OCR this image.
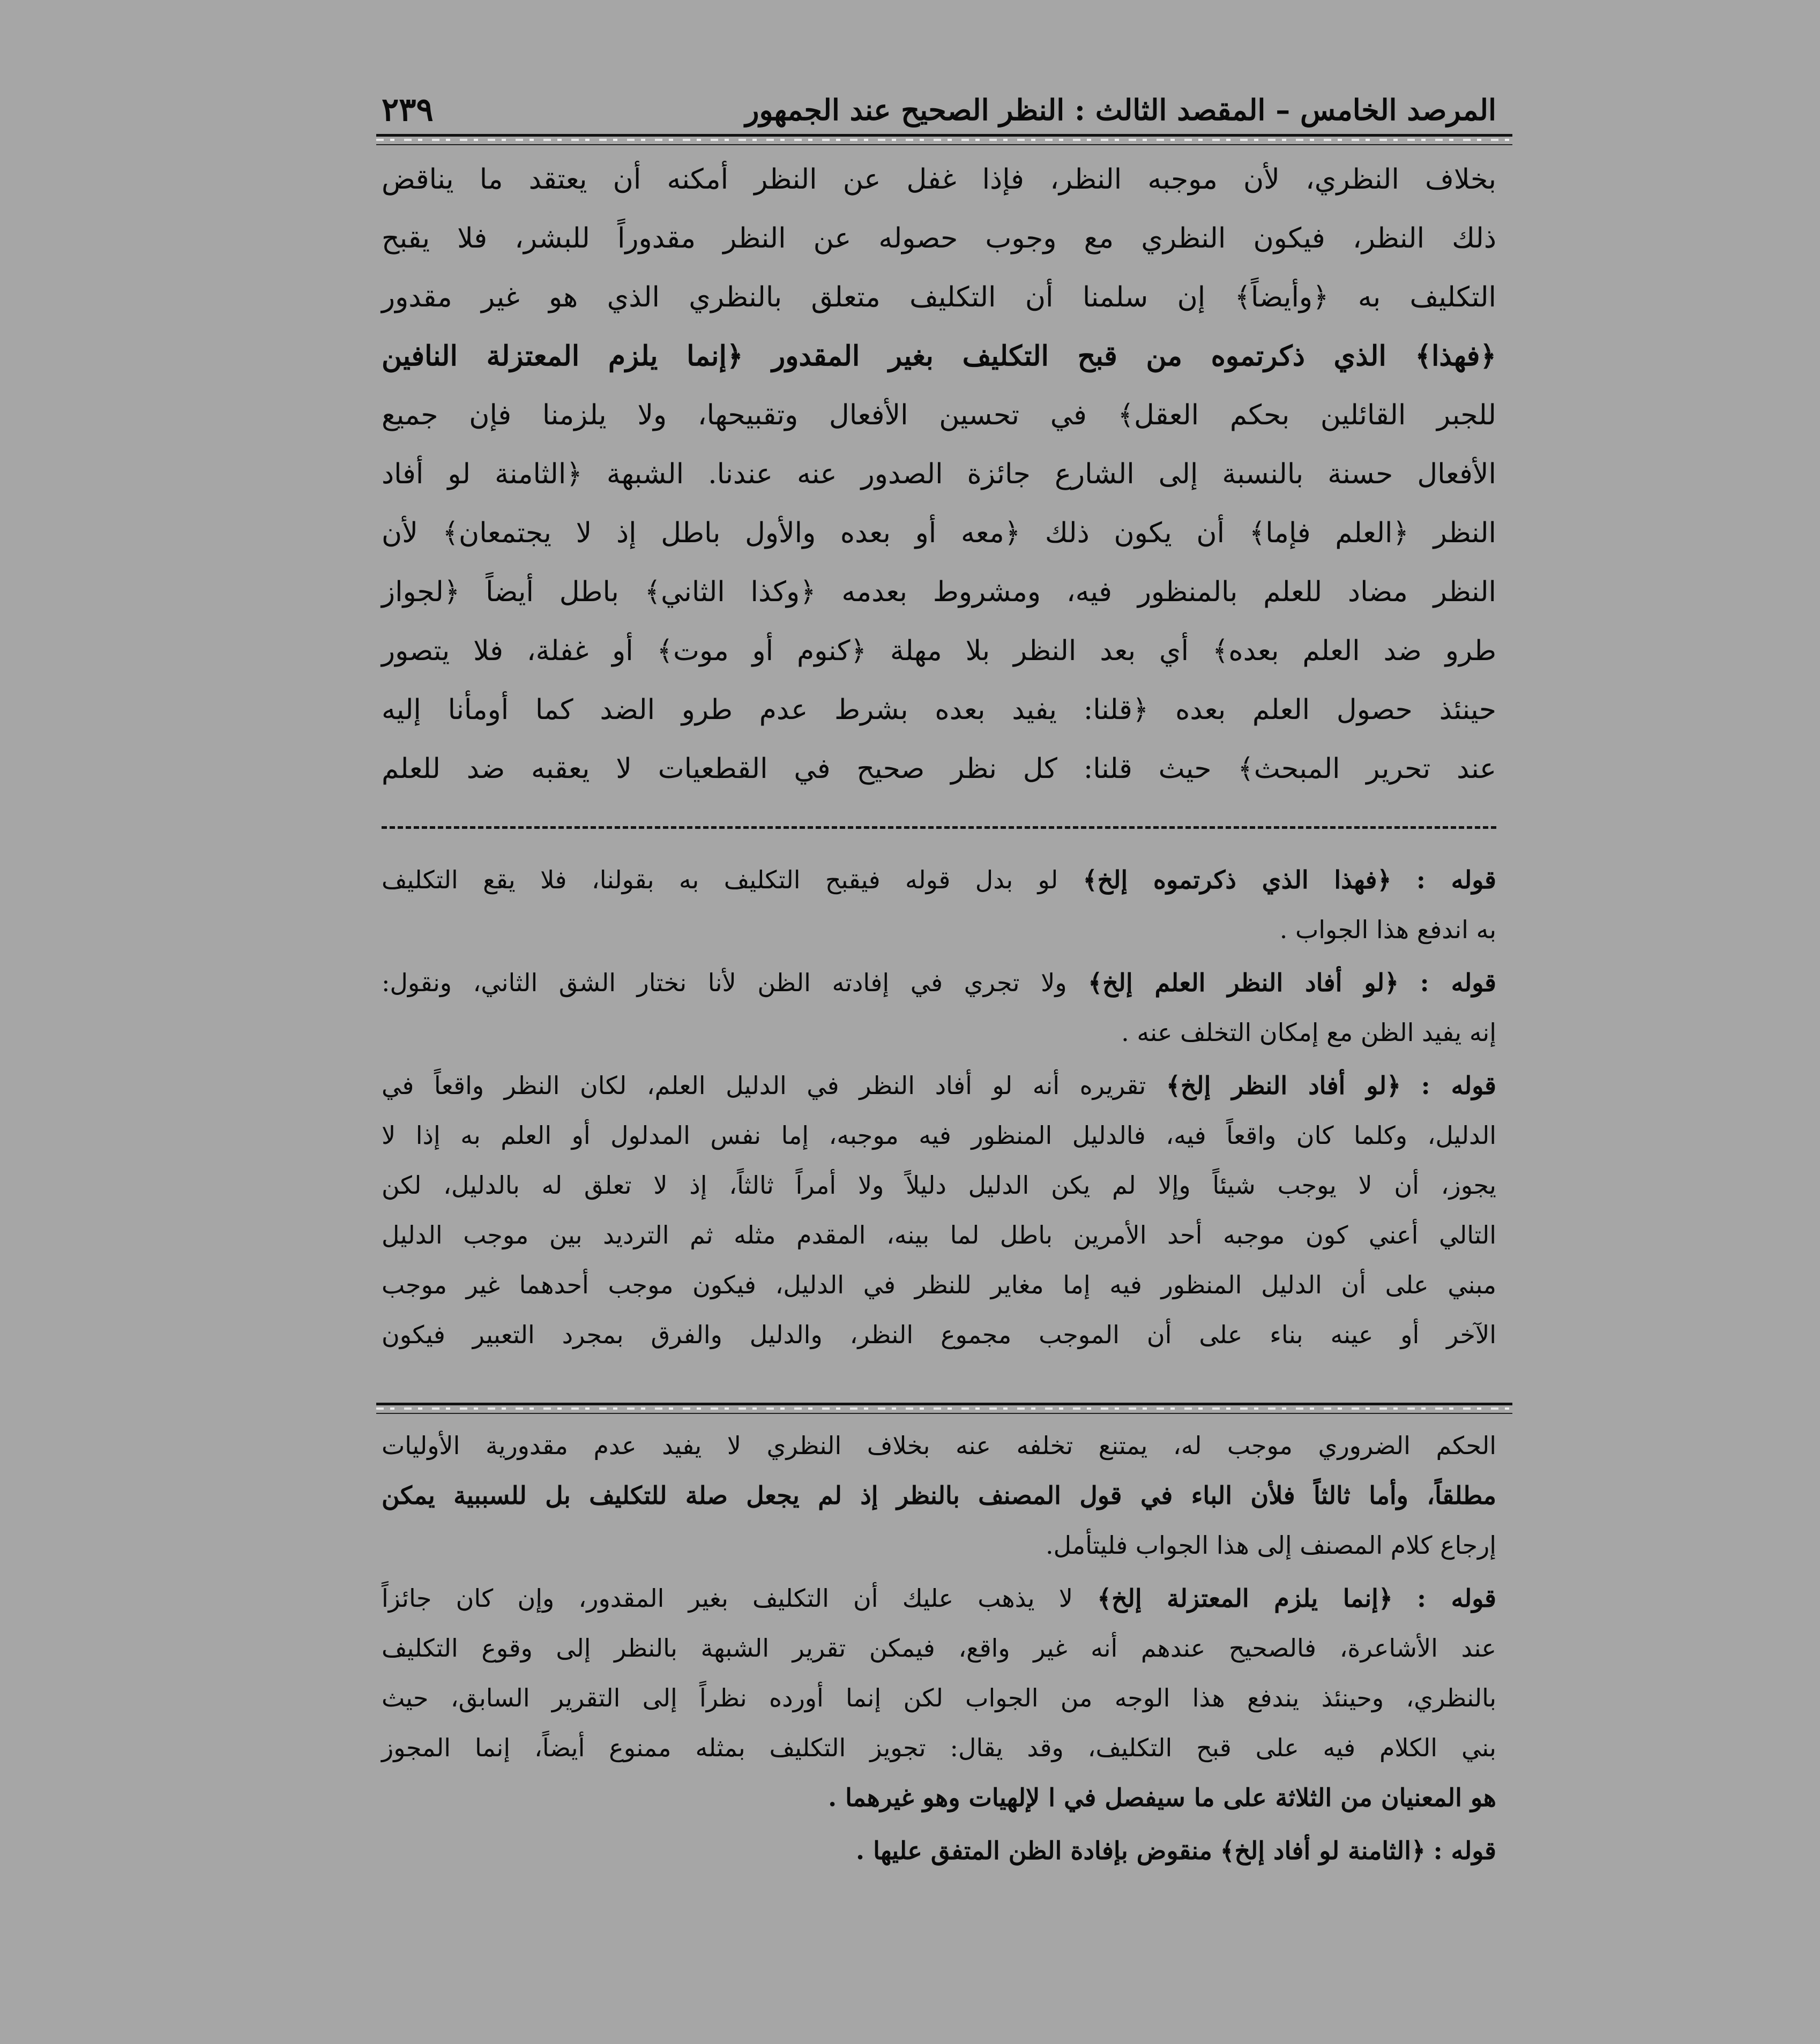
المرصد الخامس – المقصد الثالث : النظر الصحيح عند الجمهور
٢٣٩
بخلاف النظري، لأن موجبه النظر، فإذا غفل عن النظر أمكنه أن يعتقد ما يناقض
ذلك النظر، فيكون النظري مع وجوب حصوله عن النظر مقدوراً للبشر، فلا يقبح
التكليف به ﴿وأيضاً﴾ إن سلمنا أن التكليف متعلق بالنظري الذي هو غير مقدور
﴿فهذا﴾ الذي ذكرتموه من قبح التكليف بغير المقدور ﴿إنما يلزم المعتزلة النافين
للجبر القائلين بحكم العقل﴾ في تحسين الأفعال وتقبيحها، ولا يلزمنا فإن جميع
الأفعال حسنة بالنسبة إلى الشارع جائزة الصدور عنه عندنا. الشبهة ﴿الثامنة لو أفاد
النظر ﴿العلم فإما﴾ أن يكون ذلك ﴿معه أو بعده والأول باطل إذ لا يجتمعان﴾ لأن
النظر مضاد للعلم بالمنظور فيه، ومشروط بعدمه ﴿وكذا الثاني﴾ باطل أيضاً ﴿لجواز
طرو ضد العلم بعده﴾ أي بعد النظر بلا مهلة ﴿كنوم أو موت﴾ أو غفلة، فلا يتصور
حينئذ حصول العلم بعده ﴿قلنا: يفيد بعده بشرط عدم طرو الضد كما أومأنا إليه
عند تحرير المبحث﴾ حيث قلنا: كل نظر صحيح في القطعيات لا يعقبه ضد للعلم
قوله : ﴿فهذا الذي ذكرتموه إلخ﴾ لو بدل قوله فيقبح التكليف به بقولنا، فلا يقع التكليف
به اندفع هذا الجواب .
قوله : ﴿لو أفاد النظر العلم إلخ﴾ ولا تجري في إفادته الظن لأنا نختار الشق الثاني، ونقول:
إنه يفيد الظن مع إمكان التخلف عنه .
قوله : ﴿لو أفاد النظر إلخ﴾ تقريره أنه لو أفاد النظر في الدليل العلم، لكان النظر واقعاً في
الدليل، وكلما كان واقعاً فيه، فالدليل المنظور فيه موجبه، إما نفس المدلول أو العلم به إذا لا
يجوز، أن لا يوجب شيئاً وإلا لم يكن الدليل دليلاً ولا أمراً ثالثاً، إذ لا تعلق له بالدليل، لكن
التالي أعني كون موجبه أحد الأمرين باطل لما بينه، المقدم مثله ثم الترديد بين موجب الدليل
مبني على أن الدليل المنظور فيه إما مغاير للنظر في الدليل، فيكون موجب أحدهما غير موجب
الآخر أو عينه بناء على أن الموجب مجموع النظر، والدليل والفرق بمجرد التعبير فيكون
الحكم الضروري موجب له، يمتنع تخلفه عنه بخلاف النظري لا يفيد عدم مقدورية الأوليات
مطلقاً، وأما ثالثاً فلأن الباء في قول المصنف بالنظر إذ لم يجعل صلة للتكليف بل للسببية يمكن
إرجاع كلام المصنف إلى هذا الجواب فليتأمل.
قوله : ﴿إنما يلزم المعتزلة إلخ﴾ لا يذهب عليك أن التكليف بغير المقدور، وإن كان جائزاً
عند الأشاعرة، فالصحيح عندهم أنه غير واقع، فيمكن تقرير الشبهة بالنظر إلى وقوع التكليف
بالنظري، وحينئذ يندفع هذا الوجه من الجواب لكن إنما أورده نظراً إلى التقرير السابق، حيث
بني الكلام فيه على قبح التكليف، وقد يقال: تجويز التكليف بمثله ممنوع أيضاً، إنما المجوز
هو المعنيان من الثلاثة على ما سيفصل في ا لإلهيات وهو غيرهما .
قوله : ﴿الثامنة لو أفاد إلخ﴾ منقوض بإفادة الظن المتفق عليها .
